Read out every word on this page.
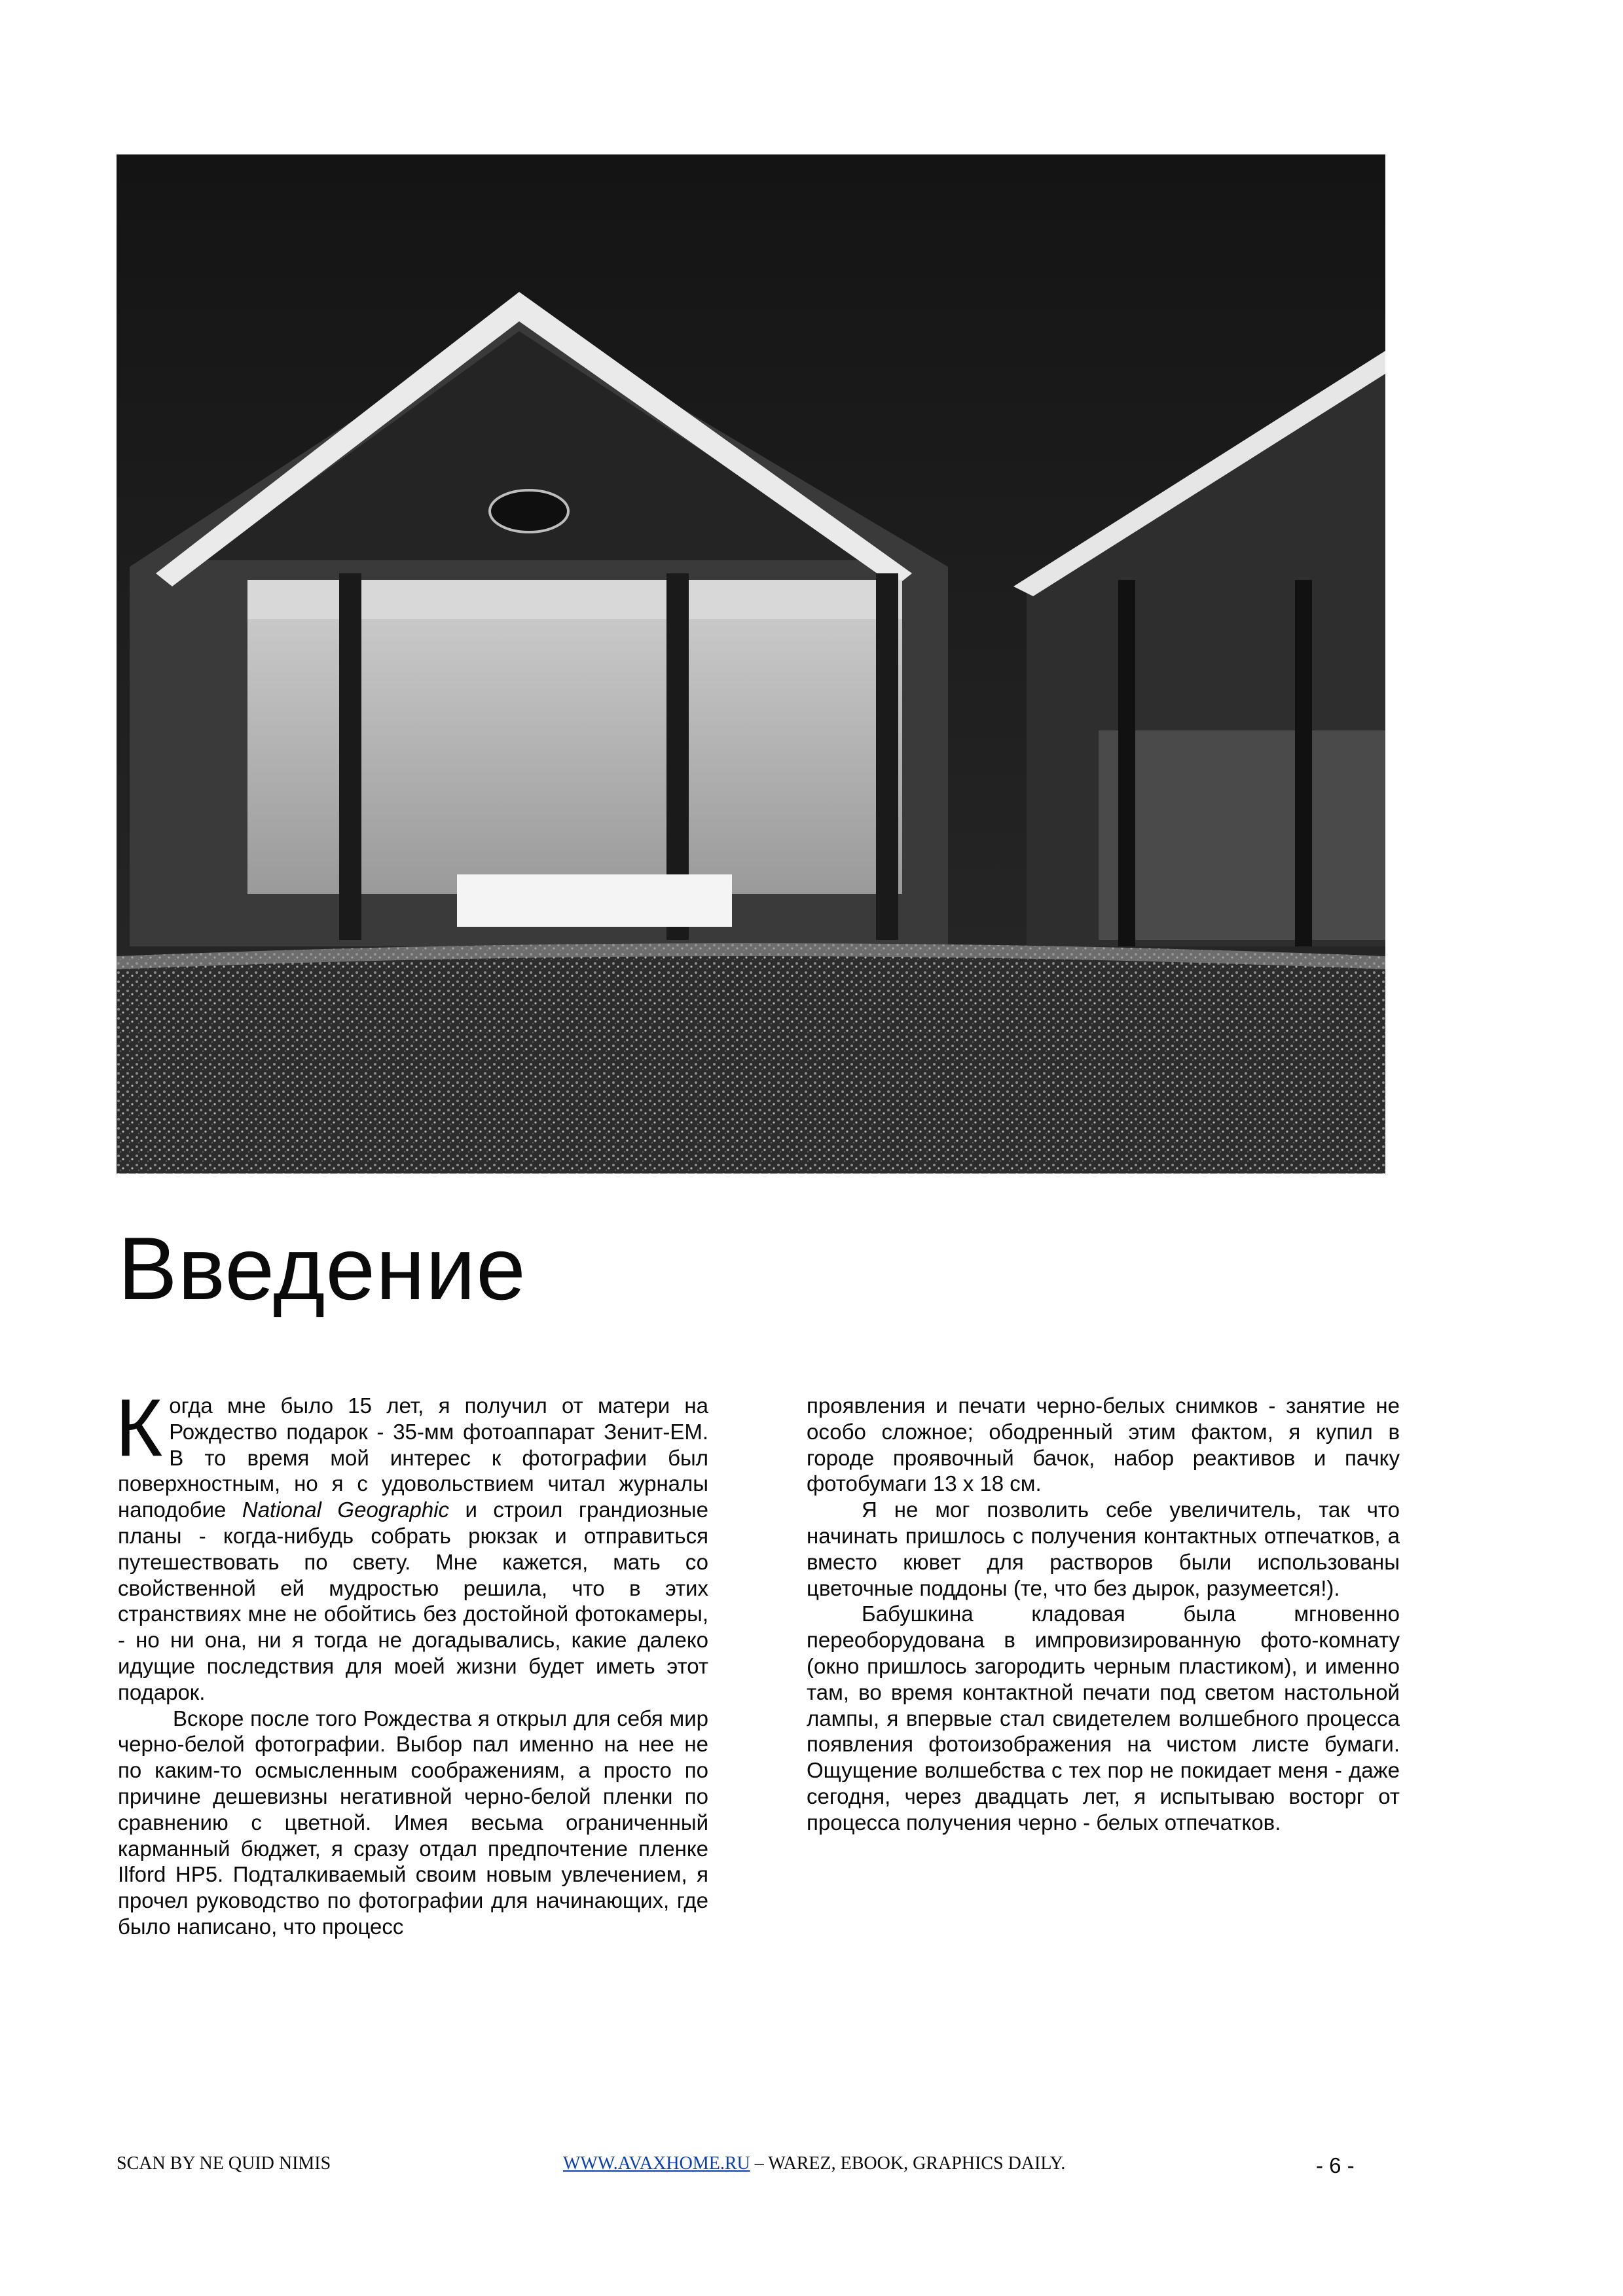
Введение

Когда мне было 15 лет, я получил от матери на Рождество подарок - 35-мм фотоаппарат Зенит-ЕМ. В то время мой интерес к фотографии был поверхностным, но я с удовольствием читал журналы наподобие National Geographic и строил грандиозные планы - когда-нибудь собрать рюкзак и отправиться путешествовать по свету. Мне кажется, мать со свойственной ей мудростью решила, что в этих странствиях мне не обойтись без достойной фотокамеры, - но ни она, ни я тогда не догадывались, какие далеко идущие последствия для моей жизни будет иметь этот подарок.

Вскоре после того Рождества я открыл для себя мир черно-белой фотографии. Выбор пал именно на нее не по каким-то осмысленным соображениям, а просто по причине дешевизны негативной черно-белой пленки по сравнению с цветной. Имея весьма ограниченный карманный бюджет, я сразу отдал предпочтение пленке Ilford HP5. Подталкиваемый своим новым увлечением, я прочел руководство по фотографии для начинающих, где было написано, что процесс

проявления и печати черно-белых снимков - занятие не особо сложное; ободренный этим фактом, я купил в городе проявочный бачок, набор реактивов и пачку фотобумаги 13 х 18 см.

Я не мог позволить себе увеличитель, так что начинать пришлось с получения контактных отпечатков, а вместо кювет для растворов были использованы цветочные поддоны (те, что без дырок, разумеется!).

Бабушкина кладовая была мгновенно переоборудована в импровизированную фото-комнату (окно пришлось загородить черным пластиком), и именно там, во время контактной печати под светом настольной лампы, я впервые стал свидетелем волшебного процесса появления фотоизображения на чистом листе бумаги. Ощущение волшебства с тех пор не покидает меня - даже сегодня, через двадцать лет, я испытываю восторг от процесса получения черно - белых отпечатков.

SCAN BY NE QUID NIMIS	WWW.AVAXHOME.RU – WAREZ, EBOOK, GRAPHICS DAILY.	- 6 -
